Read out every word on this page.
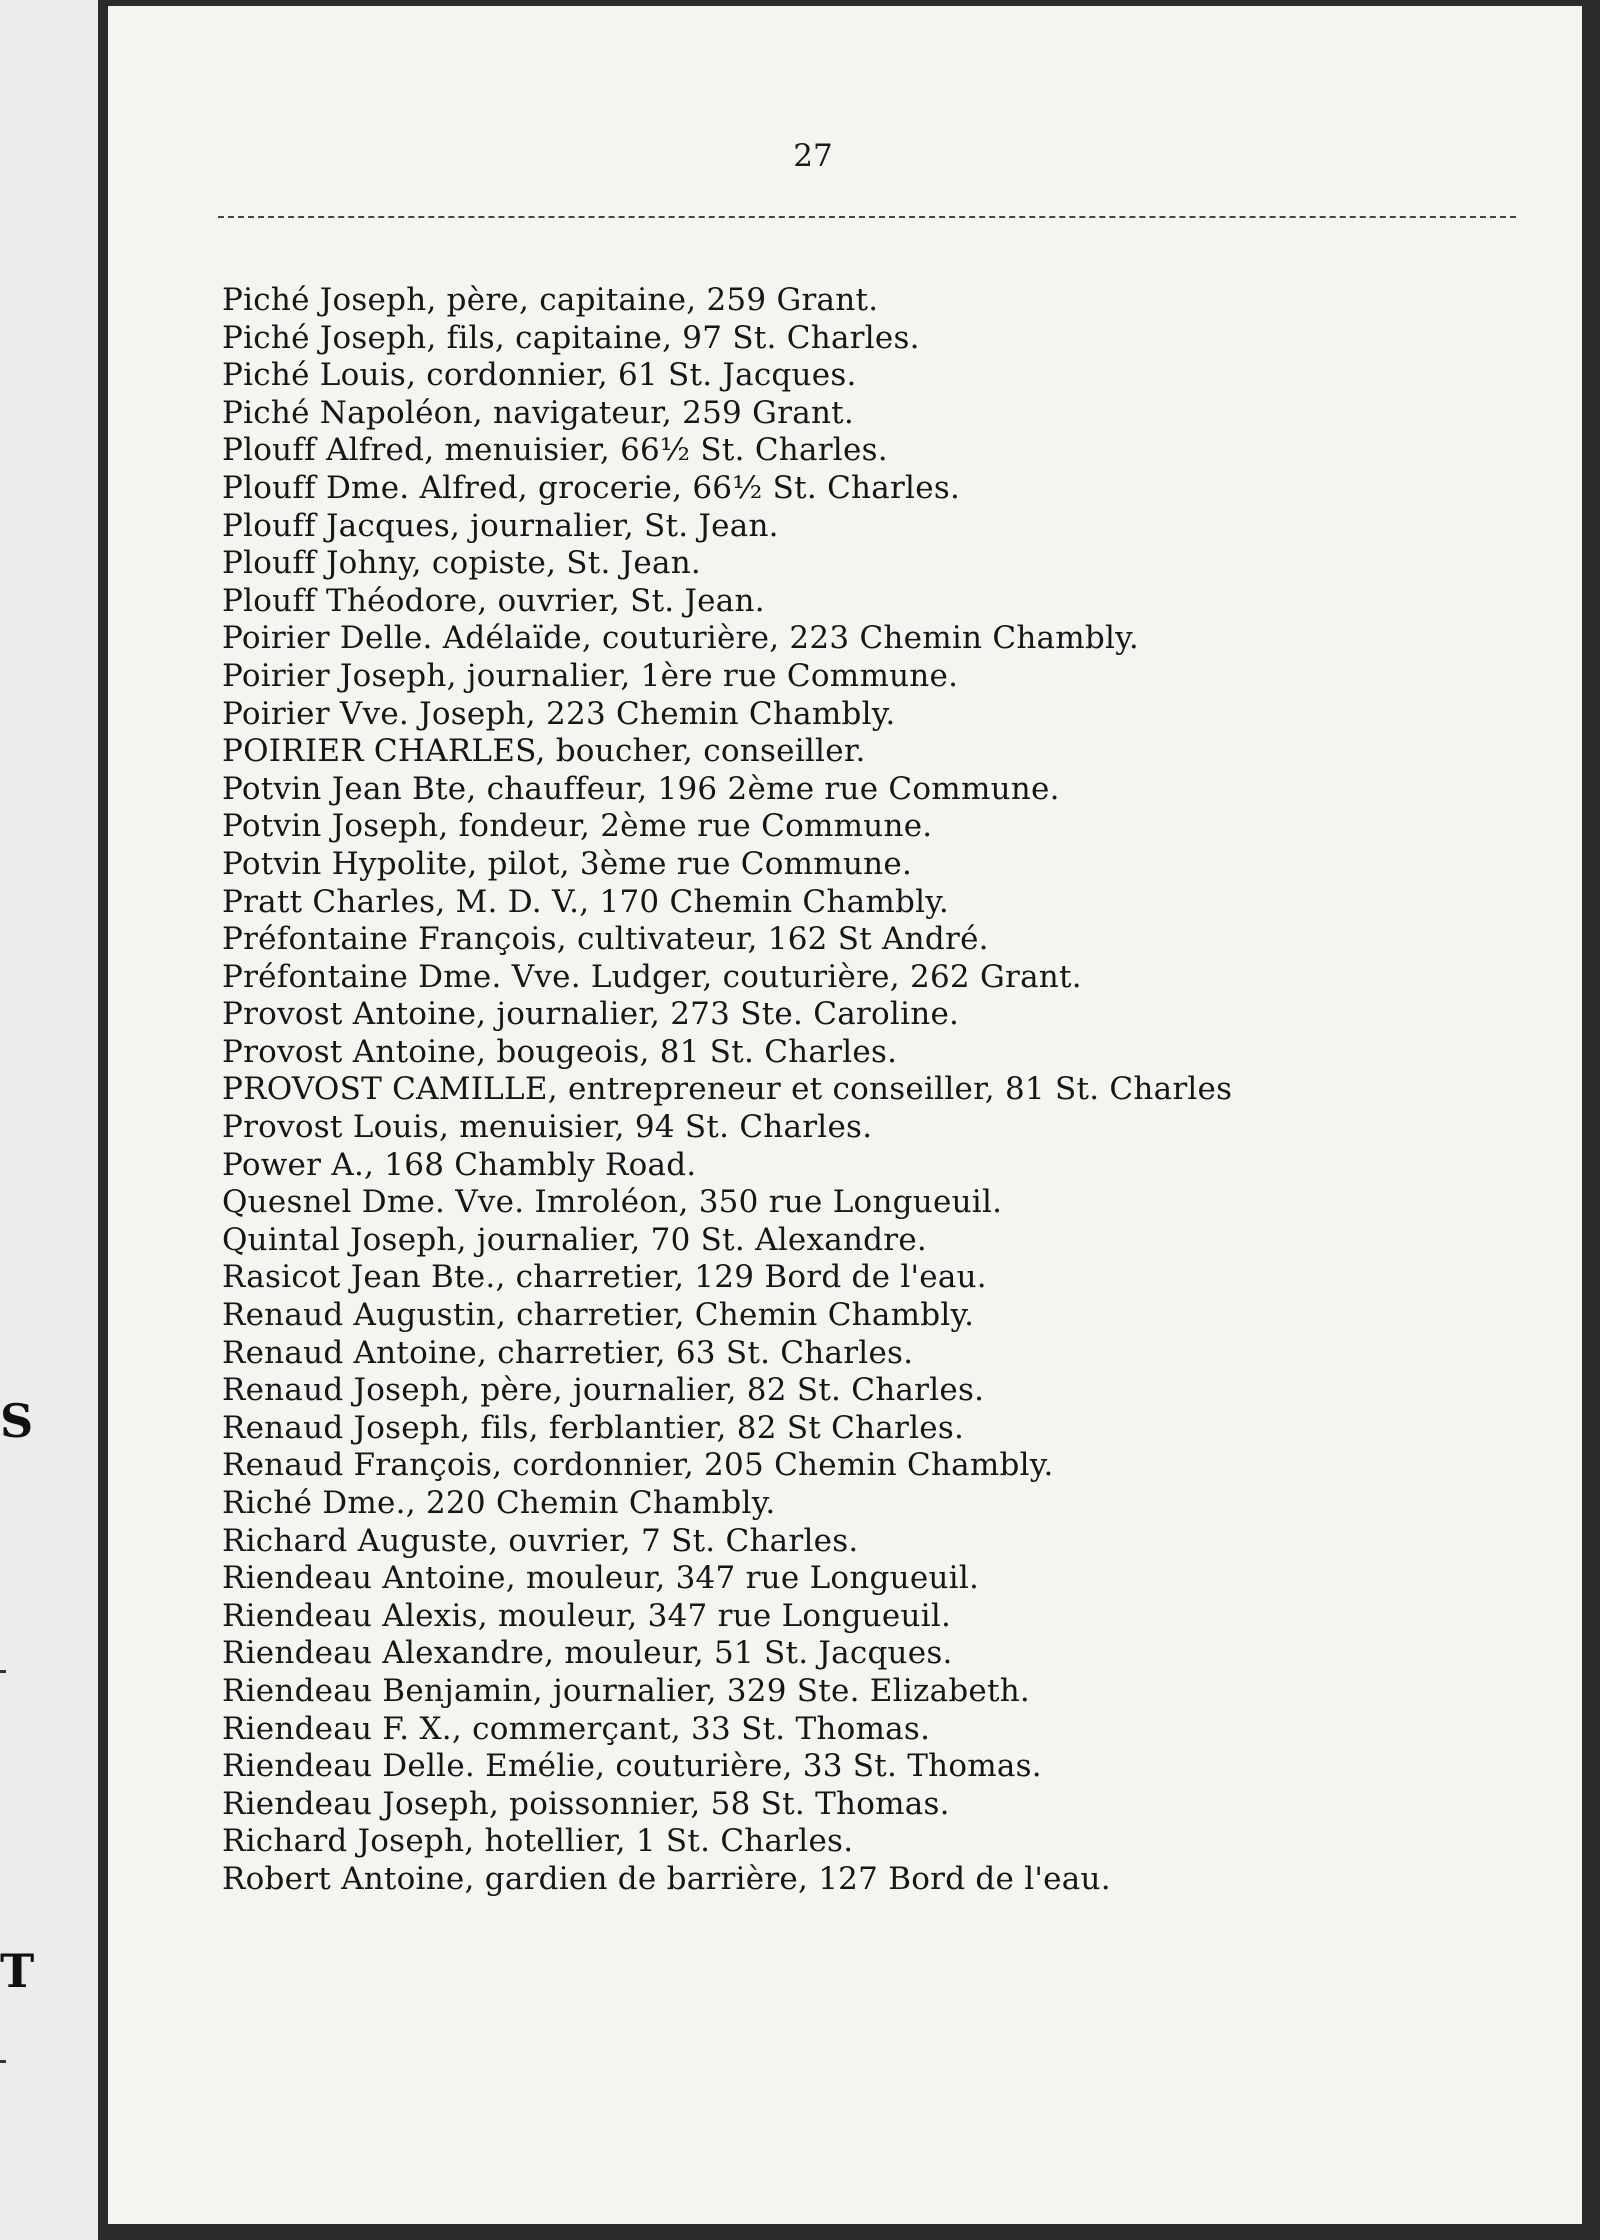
S
T
27
Piché Joseph, père, capitaine, 259 Grant.
Piché Joseph, fils, capitaine, 97 St. Charles.
Piché Louis, cordonnier, 61 St. Jacques.
Piché Napoléon, navigateur, 259 Grant.
Plouff Alfred, menuisier, 66½ St. Charles.
Plouff Dme. Alfred, grocerie, 66½ St. Charles.
Plouff Jacques, journalier, St. Jean.
Plouff Johny, copiste, St. Jean.
Plouff Théodore, ouvrier, St. Jean.
Poirier Delle. Adélaïde, couturière, 223 Chemin Chambly.
Poirier Joseph, journalier, 1ère rue Commune.
Poirier Vve. Joseph, 223 Chemin Chambly.
POIRIER CHARLES, boucher, conseiller.
Potvin Jean Bte, chauffeur, 196 2ème rue Commune.
Potvin Joseph, fondeur, 2ème rue Commune.
Potvin Hypolite, pilot, 3ème rue Commune.
Pratt Charles, M. D. V., 170 Chemin Chambly.
Préfontaine François, cultivateur, 162 St André.
Préfontaine Dme. Vve. Ludger, couturière, 262 Grant.
Provost Antoine, journalier, 273 Ste. Caroline.
Provost Antoine, bougeois, 81 St. Charles.
PROVOST CAMILLE, entrepreneur et conseiller, 81 St. Charles
Provost Louis, menuisier, 94 St. Charles.
Power A., 168 Chambly Road.
Quesnel Dme. Vve. Imroléon, 350 rue Longueuil.
Quintal Joseph, journalier, 70 St. Alexandre.
Rasicot Jean Bte., charretier, 129 Bord de l'eau.
Renaud Augustin, charretier, Chemin Chambly.
Renaud Antoine, charretier, 63 St. Charles.
Renaud Joseph, père, journalier, 82 St. Charles.
Renaud Joseph, fils, ferblantier, 82 St Charles.
Renaud François, cordonnier, 205 Chemin Chambly.
Riché Dme., 220 Chemin Chambly.
Richard Auguste, ouvrier, 7 St. Charles.
Riendeau Antoine, mouleur, 347 rue Longueuil.
Riendeau Alexis, mouleur, 347 rue Longueuil.
Riendeau Alexandre, mouleur, 51 St. Jacques.
Riendeau Benjamin, journalier, 329 Ste. Elizabeth.
Riendeau F. X., commerçant, 33 St. Thomas.
Riendeau Delle. Emélie, couturière, 33 St. Thomas.
Riendeau Joseph, poissonnier, 58 St. Thomas.
Richard Joseph, hotellier, 1 St. Charles.
Robert Antoine, gardien de barrière, 127 Bord de l'eau.
